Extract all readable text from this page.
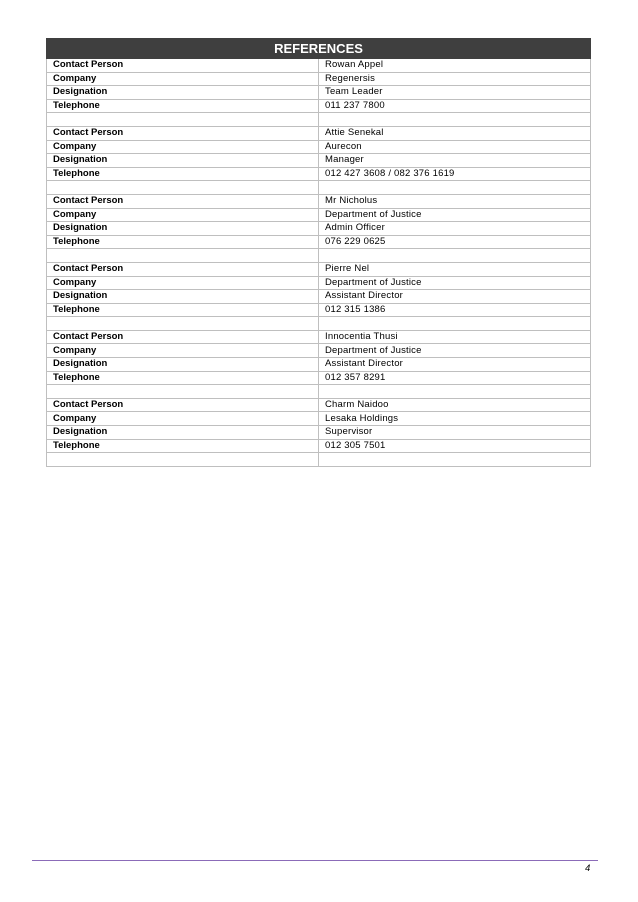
REFERENCES	
Contact Person	Rowan Appel
Company	Regenersis
Designation	Team Leader
Telephone	011 237 7800

Contact Person	Attie Senekal
Company	Aurecon
Designation	Manager
Telephone	012 427 3608 / 082 376 1619

Contact Person	Mr Nicholus
Company	Department of Justice
Designation	Admin Officer
Telephone	076 229 0625

Contact Person	Pierre Nel
Company	Department of Justice
Designation	Assistant Director
Telephone	012 315 1386

Contact Person	Innocentia Thusi
Company	Department of Justice
Designation	Assistant Director
Telephone	012 357 8291

Contact Person	Charm Naidoo
Company	Lesaka Holdings
Designation	Supervisor
Telephone	012 305 7501

4
